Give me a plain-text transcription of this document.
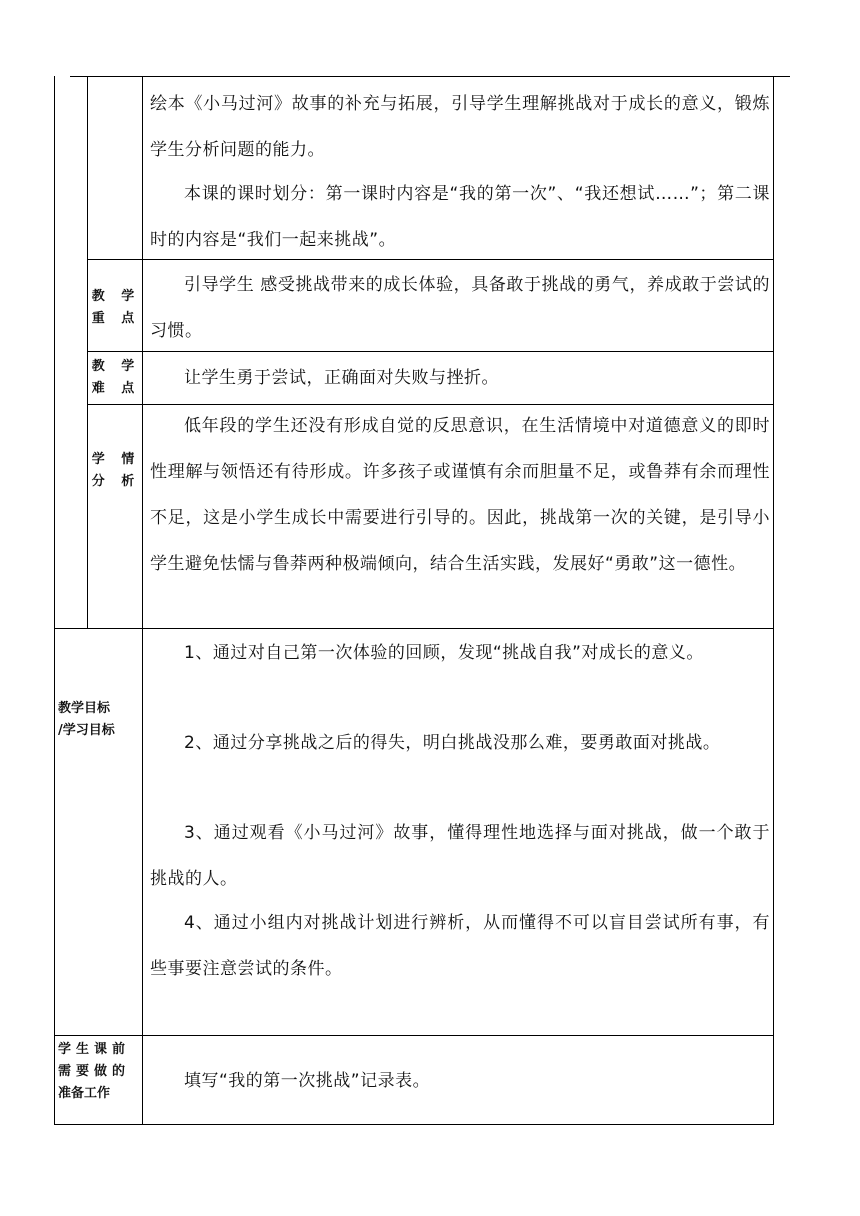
绘本《小马过河》故事的补充与拓展，引导学生理解挑战对于成长的意义，锻炼学生分析问题的能力。

本课的课时划分：第一课时内容是“我的第一次”、“我还想试……”；第二课时的内容是“我们一起来挑战”。

教 学

重 点

引导学生 感受挑战带来的成长体验，具备敢于挑战的勇气，养成敢于尝试的习惯。

教 学

难 点

让学生勇于尝试，正确面对失败与挫折。

学 情

分 析

低年段的学生还没有形成自觉的反思意识，在生活情境中对道德意义的即时性理解与领悟还有待形成。许多孩子或谨慎有余而胆量不足，或鲁莽有余而理性不足，这是小学生成长中需要进行引导的。因此，挑战第一次的关键，是引导小学生避免怯懦与鲁莽两种极端倾向，结合生活实践，发展好“勇敢”这一德性。

教学目标

/学习目标

1、通过对自己第一次体验的回顾，发现“挑战自我”对成长的意义。

2、通过分享挑战之后的得失，明白挑战没那么难，要勇敢面对挑战。

3、通过观看《小马过河》故事，懂得理性地选择与面对挑战，做一个敢于挑战的人。

4、通过小组内对挑战计划进行辨析，从而懂得不可以盲目尝试所有事，有些事要注意尝试的条件。

学生课前

需要做的

准备工作

填写“我的第一次挑战”记录表。
